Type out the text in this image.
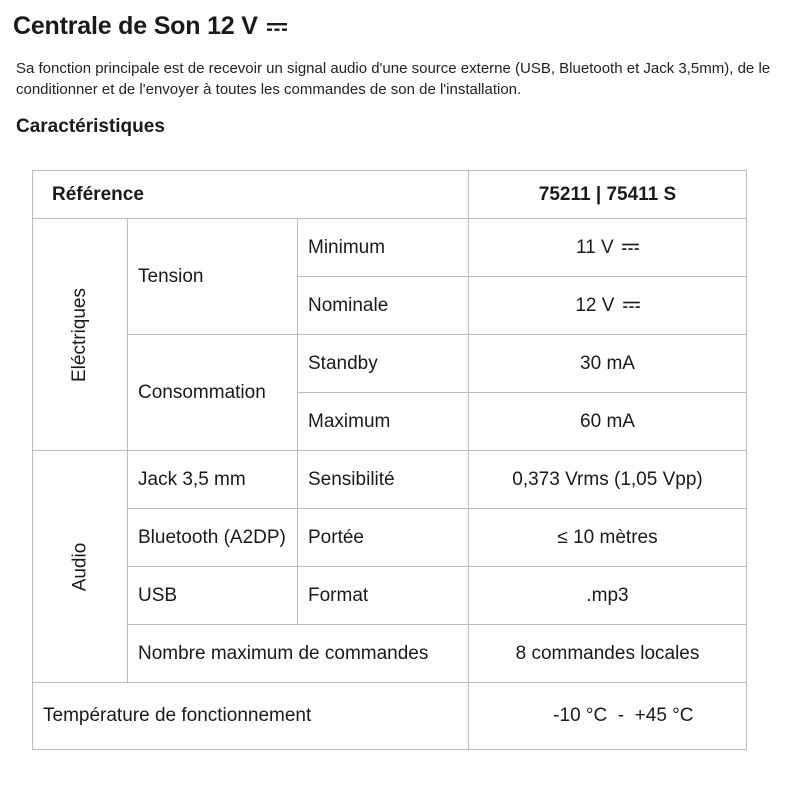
Centrale de Son 12 V

Sa fonction principale est de recevoir un signal audio d'une source externe (USB, Bluetooth et Jack 3,5mm), de le conditionner et de l'envoyer à toutes les commandes de son de l'installation.

Caractéristiques
Référence			75211 | 75411 S
Eléctriques	Tension	Minimum	11 V
		Nominale	12 V
	Consommation	Standby	30 mA
		Maximum	60 mA
Audio	Jack 3,5 mm	Sensibilité	0,373 Vrms (1,05 Vpp)
	Bluetooth (A2DP)	Portée	≤ 10 mètres
	USB	Format	.mp3
	Nombre maximum de commandes		8 commandes locales
Température de fonctionnement			-10 °C  -  +45 °C
